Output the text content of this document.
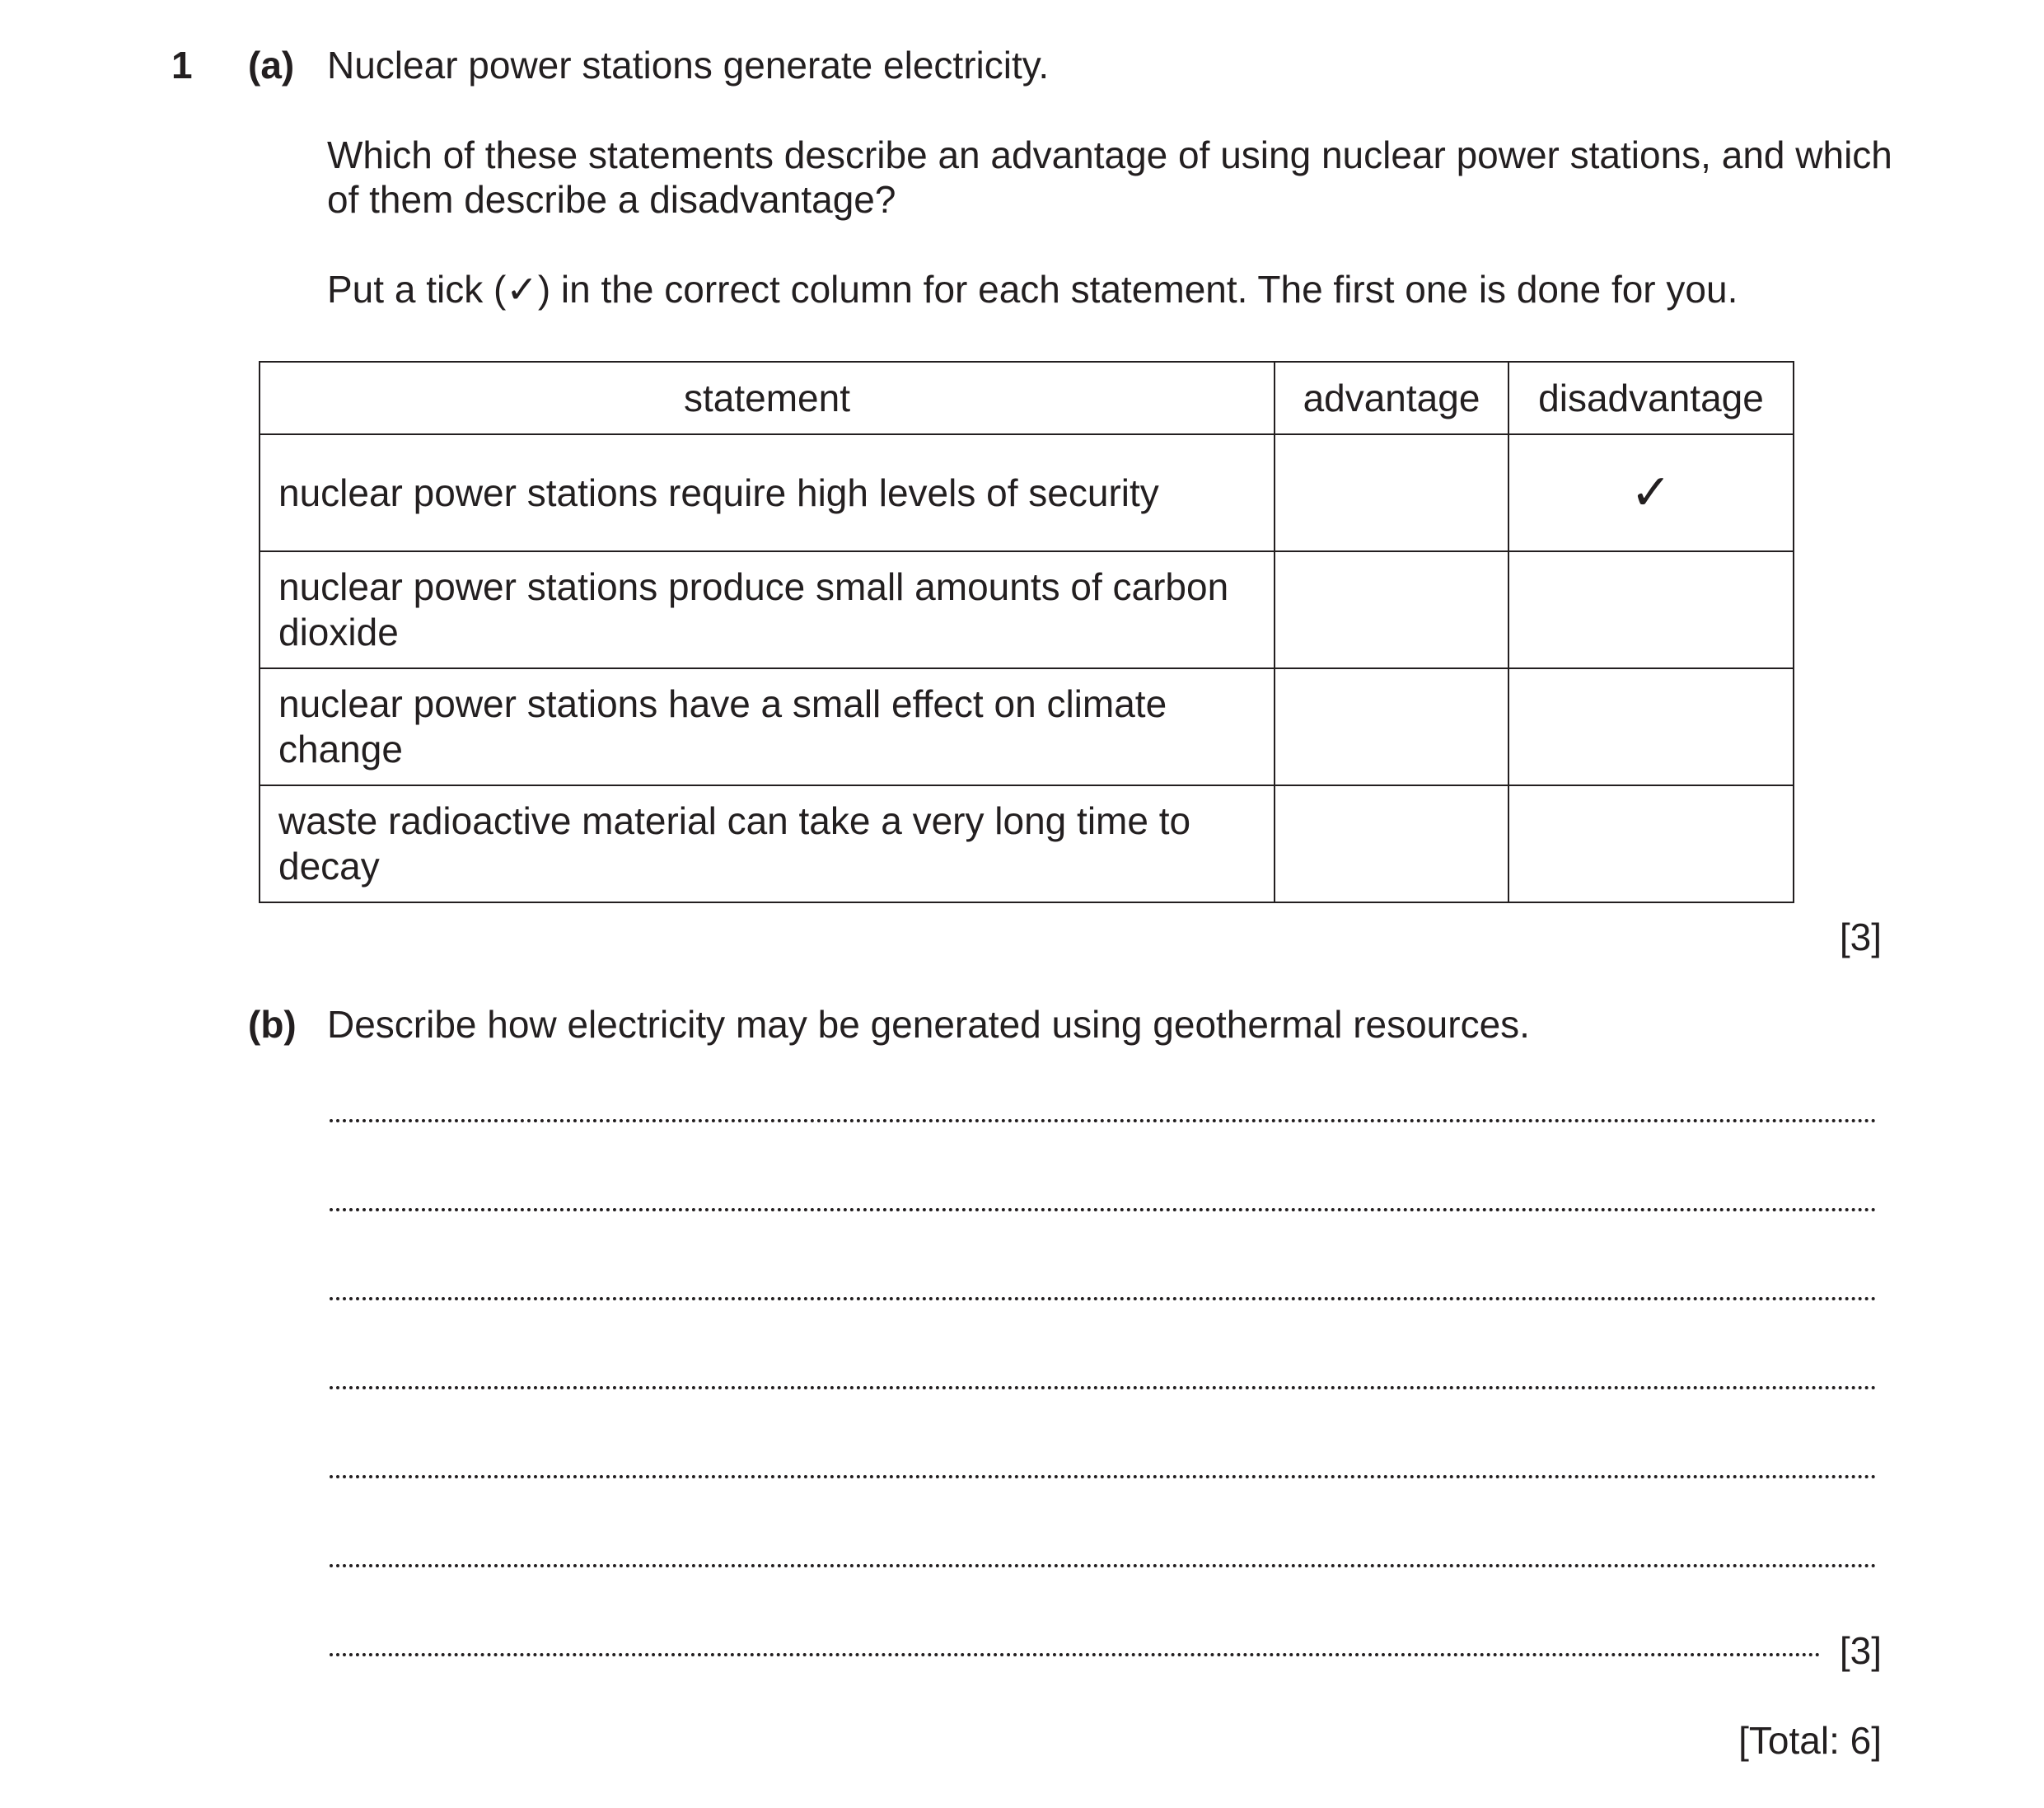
1 (a) Nuclear power stations generate electricity.
Which of these statements describe an advantage of using nuclear power stations, and which
of them describe a disadvantage?
Put a tick (✓) in the correct column for each statement. The first one is done for you.
statement	advantage	disadvantage
nuclear power stations require high levels of security		✓
nuclear power stations produce small amounts of carbon dioxide		
nuclear power stations have a small effect on climate change		
waste radioactive material can take a very long time to decay		
[3]
(b) Describe how electricity may be generated using geothermal resources.
[3]
[Total: 6]
